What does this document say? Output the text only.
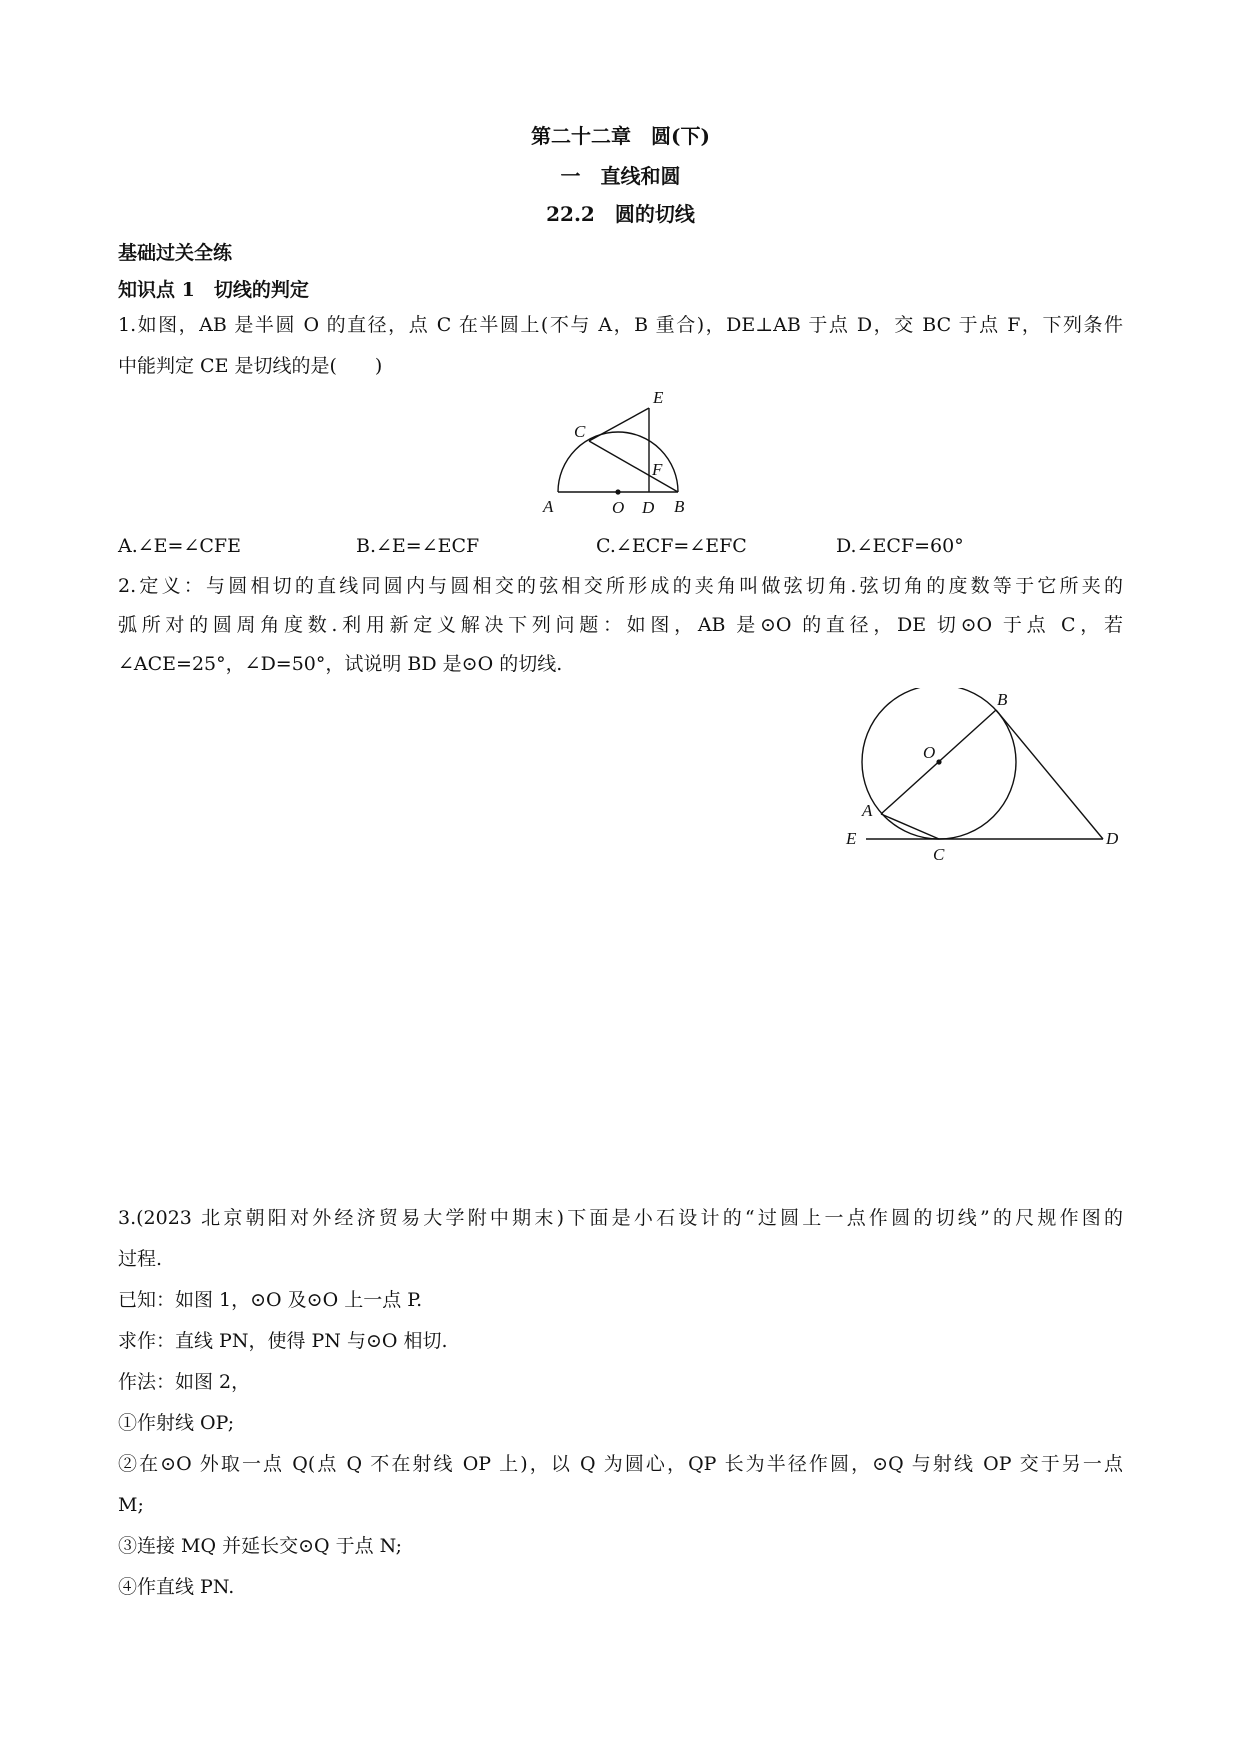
第二十二章　圆(下)
一　直线和圆
22.2　圆的切线
基础过关全练
知识点 1　切线的判定
1.如图，AB 是半圆 O 的直径，点 C 在半圆上(不与 A，B 重合)，DE⊥AB 于点 D，交 BC 于点 F，下列条件
中能判定 CE 是切线的是(　　)
A	O D B
C
E
F
A.∠E=∠CFE	B.∠E=∠ECF	C.∠ECF=∠EFC	D.∠ECF=60°
2.定义：与圆相切的直线同圆内与圆相交的弦相交所形成的夹角叫做弦切角.弦切角的度数等于它所夹的
弧所对的圆周角度数.利用新定义解决下列问题：如图，AB 是⊙O 的直径，DE 切⊙O 于点 C，若
∠ACE=25°，∠D=50°，试说明 BD 是⊙O 的切线.
B
O
A
E
C
D
3.(2023 北京朝阳对外经济贸易大学附中期末)下面是小石设计的“过圆上一点作圆的切线”的尺规作图的
过程.
已知：如图 1，⊙O 及⊙O 上一点 P.
求作：直线 PN，使得 PN 与⊙O 相切.
作法：如图 2，
①作射线 OP;
②在⊙O 外取一点 Q(点 Q 不在射线 OP 上)，以 Q 为圆心，QP 长为半径作圆，⊙Q 与射线 OP 交于另一点
M;
③连接 MQ 并延长交⊙Q 于点 N;
④作直线 PN.
